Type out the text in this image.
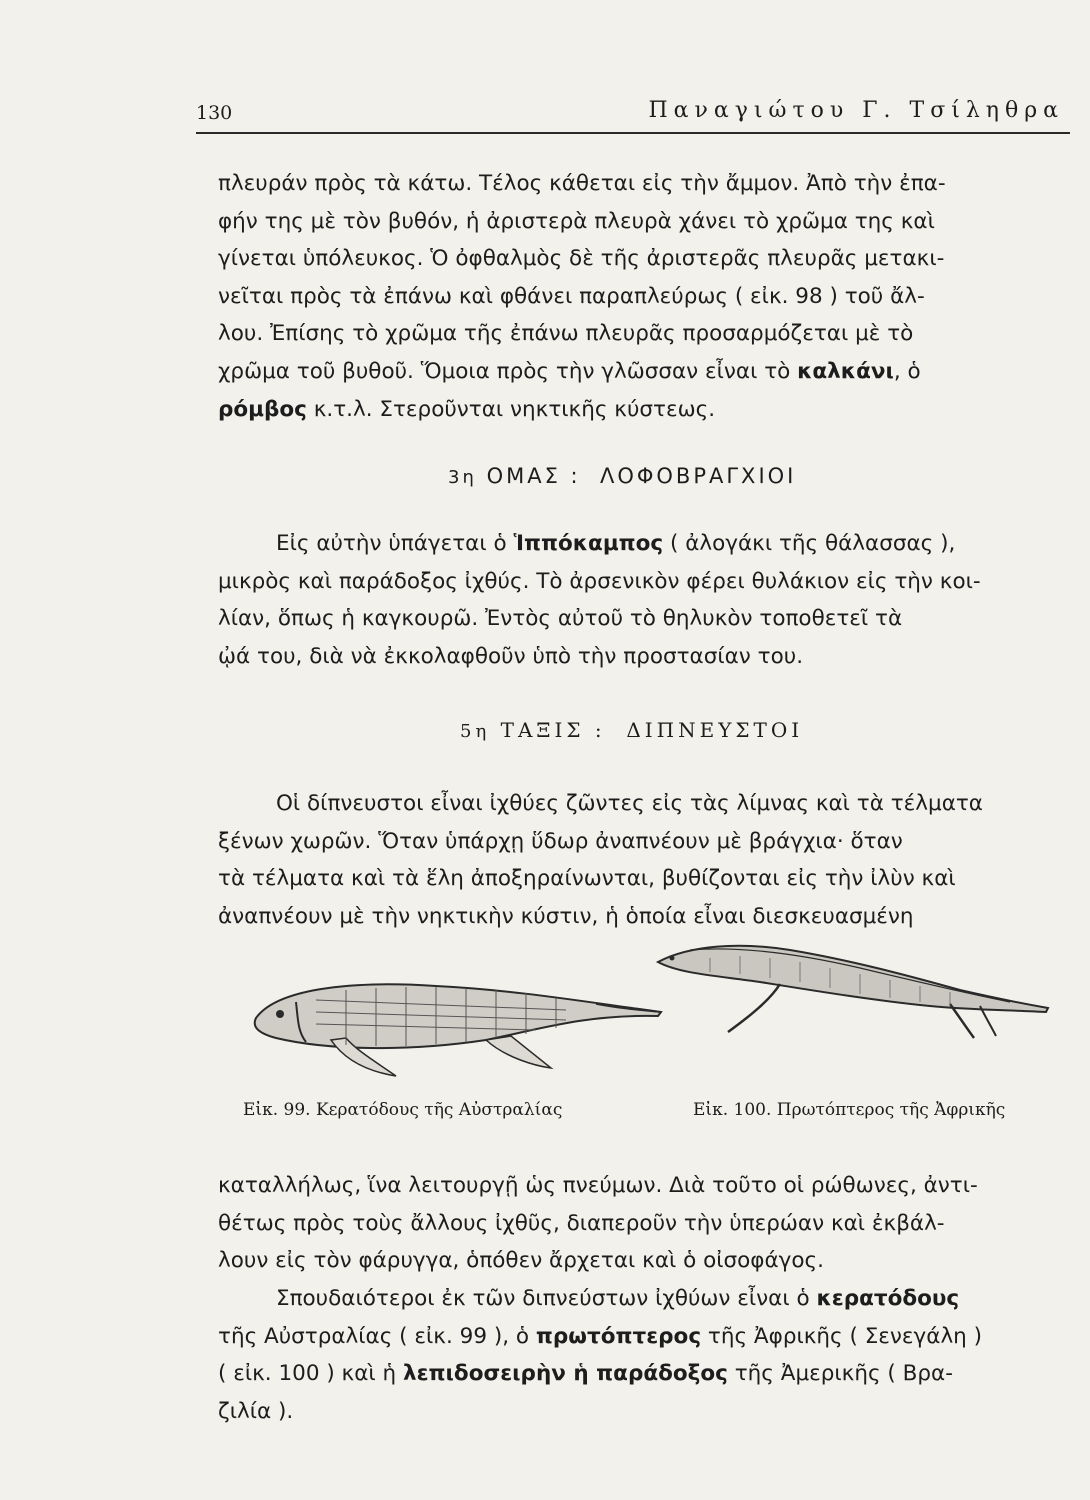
130	Παναγιώτου Γ. Τσίληθρα

πλευράν πρὸς τὰ κάτω. Τέλος κάθεται εἰς τὴν ἄμμον. Ἀπὸ τὴν ἐπα-
φήν της μὲ τὸν βυθόν, ἡ ἀριστερὰ πλευρὰ χάνει τὸ χρῶμα της καὶ
γίνεται ὑπόλευκος. Ὁ ὀφθαλμὸς δὲ τῆς ἀριστερᾶς πλευρᾶς μετακι-
νεῖται πρὸς τὰ ἐπάνω καὶ φθάνει παραπλεύρως ( εἰκ. 98 ) τοῦ ἄλ-
λου. Ἐπίσης τὸ χρῶμα τῆς ἐπάνω πλευρᾶς προσαρμόζεται μὲ τὸ
χρῶμα τοῦ βυθοῦ. Ὅμοια πρὸς τὴν γλῶσσαν εἶναι τὸ καλκάνι, ὁ
ρόμβος κ.τ.λ. Στεροῦνται νηκτικῆς κύστεως.

3η ΟΜΑΣ : ΛΟΦΟΒΡΑΓΧΙΟΙ

Εἰς αὐτὴν ὑπάγεται ὁ Ἱππόκαμπος ( ἀλογάκι τῆς θάλασσας ),
μικρὸς καὶ παράδοξος ἰχθύς. Τὸ ἀρσενικὸν φέρει θυλάκιον εἰς τὴν κοι-
λίαν, ὅπως ἡ καγκουρῶ. Ἐντὸς αὐτοῦ τὸ θηλυκὸν τοποθετεῖ τὰ
ᾠά του, διὰ νὰ ἐκκολαφθοῦν ὑπὸ τὴν προστασίαν του.

5η ΤΑΞΙΣ : ΔΙΠΝΕΥΣΤΟΙ

Οἱ δίπνευστοι εἶναι ἰχθύες ζῶντες εἰς τὰς λίμνας καὶ τὰ τέλματα
ξένων χωρῶν. Ὅταν ὑπάρχῃ ὕδωρ ἀναπνέουν μὲ βράγχια· ὅταν
τὰ τέλματα καὶ τὰ ἕλη ἀποξηραίνωνται, βυθίζονται εἰς τὴν ἰλὺν καὶ
ἀναπνέουν μὲ τὴν νηκτικὴν κύστιν, ἡ ὁποία εἶναι διεσκευασμένη

Εἰκ. 99. Κερατόδους τῆς Αὐστραλίας	Εἰκ. 100. Πρωτόπτερος τῆς Ἀφρικῆς

καταλλήλως, ἵνα λειτουργῇ ὡς πνεύμων. Διὰ τοῦτο οἱ ρώθωνες, ἀντι-
θέτως πρὸς τοὺς ἄλλους ἰχθῦς, διαπεροῦν τὴν ὑπερώαν καὶ ἐκβάλ-
λουν εἰς τὸν φάρυγγα, ὁπόθεν ἄρχεται καὶ ὁ οἰσοφάγος.

Σπουδαιότεροι ἐκ τῶν διπνεύστων ἰχθύων εἶναι ὁ κερατόδους
τῆς Αὐστραλίας ( εἰκ. 99 ), ὁ πρωτόπτερος τῆς Ἀφρικῆς ( Σενεγάλη )
( εἰκ. 100 ) καὶ ἡ λεπιδοσειρὴν ἡ παράδοξος τῆς Ἀμερικῆς ( Βρα-
ζιλία ).
